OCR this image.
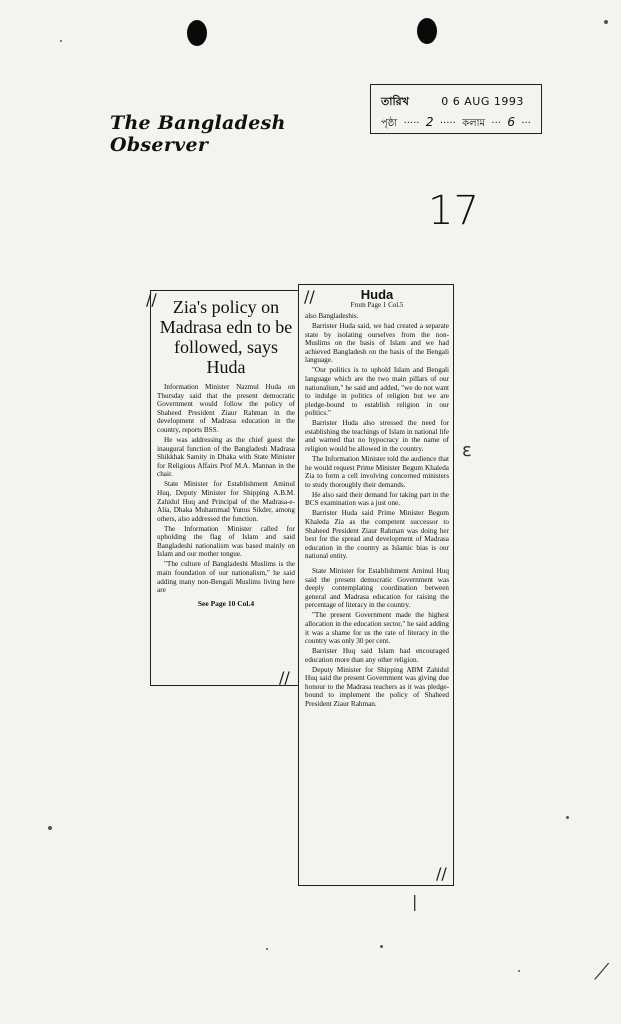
The Bangladesh Observer
তারিখ	0 6 AUG 1993
পৃষ্ঠা  ·····  2  ·····  কলাম  ···  6  ···
17
Zia's policy on Madrasa edn to be followed, says Huda

Information Minister Nazmul Huda on Thursday said that the present democratic Government would follow the policy of Shaheed President Ziaur Rahman in the development of Madrasa education in the country, reports BSS.

He was addressing as the chief guest the inaugural function of the Bangladesh Madrasa Shikkhak Samity in Dhaka with State Minister for Religious Affairs Prof M.A. Mannan in the chair.

State Minister for Establishment Aminul Huq, Deputy Minister for Shipping A.B.M. Zahidul Huq and Principal of the Madrasa-e-Alia, Dhaka Muhammad Yunus Sikder, among others, also addressed the function.

The Information Minister called for upholding the flag of Islam and said Bangladeshi nationalism was based mainly on Islam and our mother tongue.

"The culture of Bangladeshi Muslims is the main foundation of our nationalism," he said adding many non-Bengali Muslims living here are

See Page 10 Col.4
//
//
Huda
From Page 1 Col.5

also Bangladeshis.

Barrister Huda said, we had created a separate state by isolating ourselves from the non-Muslims on the basis of Islam and we had achieved Bangladesh on the basis of the Bengali language.

"Our politics is to uphold Islam and Bengali language which are the two main pillars of our nationalism," he said and added, "we do not want to indulge in politics of religion but we are pledge-bound to establish religion in our politics."

Barrister Huda also stressed the need for establishing the teachings of Islam in national life and warned that no hypocracy in the name of religion would be allowed in the country.

The Information Minister told the audience that he would request Prime Minister Begum Khaleda Zia to form a cell involving concerned ministers to study thoroughly their demands.

He also said their demand for taking part in the BCS examination was a just one.

Barrister Huda said Prime Minister Begum Khaleda Zia as the competent successor to Shaheed President Ziaur Rahman was doing her best for the spread and development of Madrasa education in the country as Islamic bias is our national entity.

State Minister for Establishment Aminul Huq said the present democratic Government was deeply contemplating coordination between general and Madrasa education for raising the percentage of literacy in the country.

"The present Government made the highest allocation in the education sector," he said adding it was a shame for us the rate of literacy in the country was only 30 per cent.

Barrister Huq said Islam had encouraged education more than any other religion.

Deputy Minister for Shipping ABM Zahidul Huq said the present Government was giving due honour to the Madrasa teachers as it was pledge-bound to implement the policy of Shaheed President Ziaur Rahman.

//
//
ɛ
|
⟋
